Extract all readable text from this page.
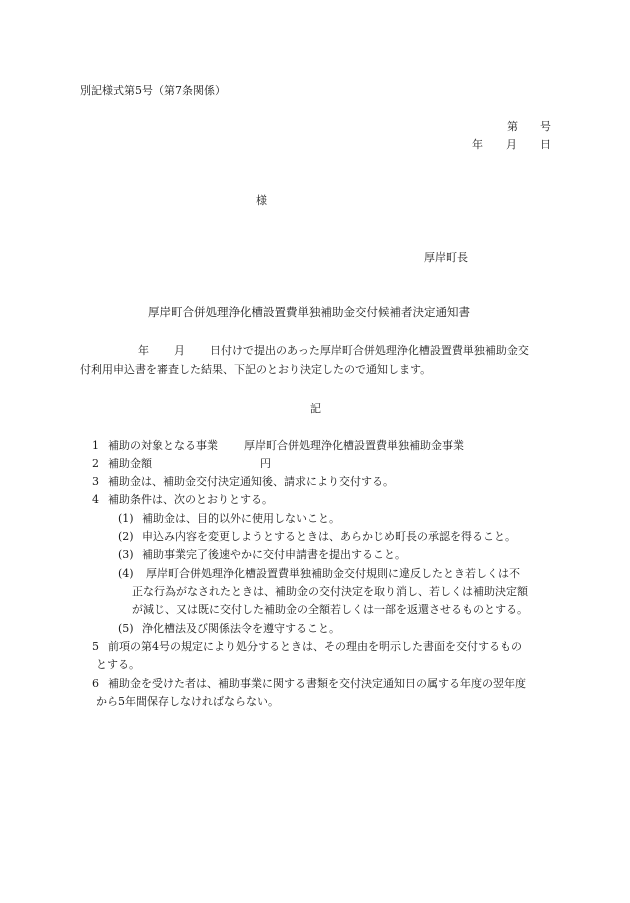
別記様式第5号（第7条関係）
第 号
年 月 日
様
厚岸町長
厚岸町合併処理浄化槽設置費単独補助金交付候補者決定通知書
年 月 日付けで提出のあった厚岸町合併処理浄化槽設置費単独補助金交
付利用申込書を審査した結果、下記のとおり決定したので通知します。
記
1 補助の対象となる事業 厚岸町合併処理浄化槽設置費単独補助金事業
2 補助金額	円
3 補助金は、補助金交付決定通知後、請求により交付する。
4 補助条件は、次のとおりとする。
(1) 補助金は、目的以外に使用しないこと。
(2) 申込み内容を変更しようとするときは、あらかじめ町長の承認を得ること。
(3) 補助事業完了後速やかに交付申請書を提出すること。
(4) 厚岸町合併処理浄化槽設置費単独補助金交付規則に違反したとき若しくは不
正な行為がなされたときは、補助金の交付決定を取り消し、若しくは補助決定額
が減じ、又は既に交付した補助金の全額若しくは一部を返還させるものとする。
(5) 浄化槽法及び関係法令を遵守すること。
5 前項の第4号の規定により処分するときは、その理由を明示した書面を交付するもの
とする。
6 補助金を受けた者は、補助事業に関する書類を交付決定通知日の属する年度の翌年度
から5年間保存しなければならない。
